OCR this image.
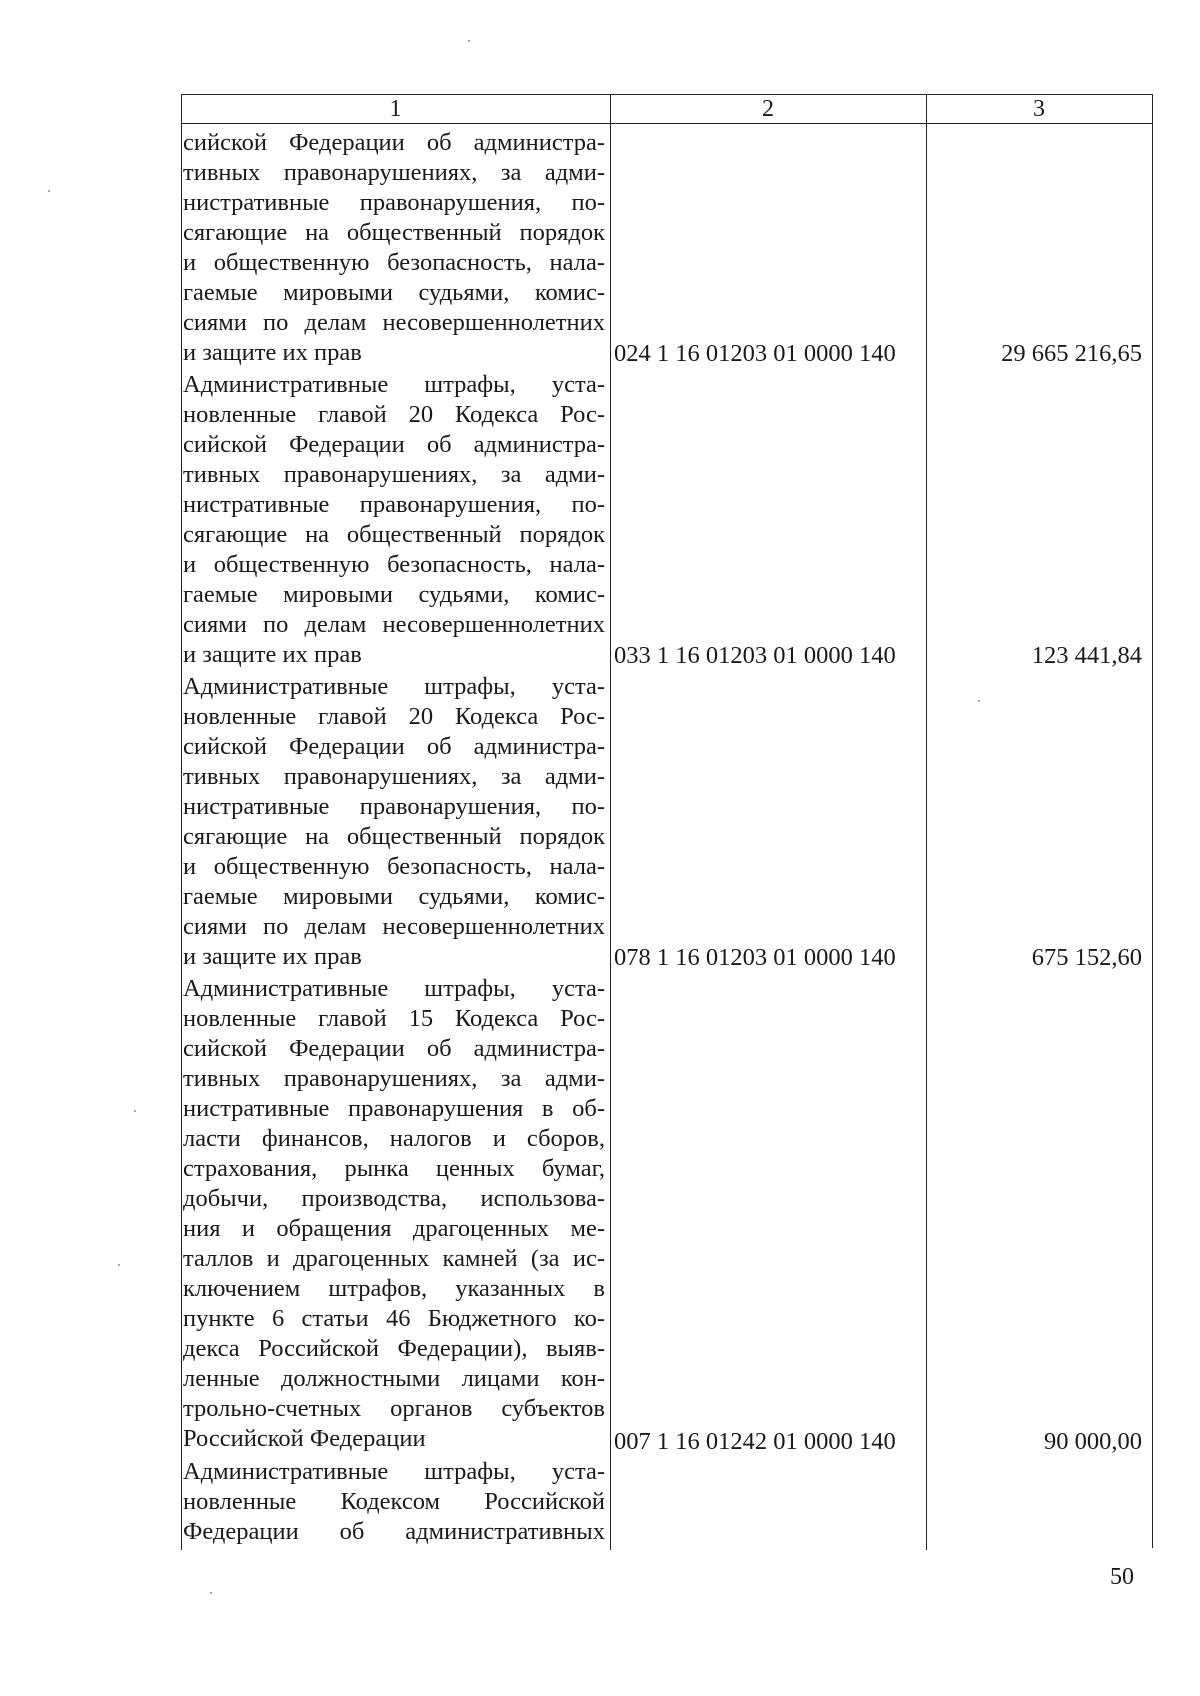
1	2	3
сийской Федерации об администра-
тивных правонарушениях, за адми-
нистративные правонарушения, по-
сягающие на общественный порядок
и общественную безопасность, нала-
гаемые мировыми судьями, комис-
сиями по делам несовершеннолетних
и защите их прав	024 1 16 01203 01 0000 140	29 665 216,65
Административные штрафы, уста-
новленные главой 20 Кодекса Рос-
сийской Федерации об администра-
тивных правонарушениях, за адми-
нистративные правонарушения, по-
сягающие на общественный порядок
и общественную безопасность, нала-
гаемые мировыми судьями, комис-
сиями по делам несовершеннолетних
и защите их прав	033 1 16 01203 01 0000 140	123 441,84
Административные штрафы, уста-
новленные главой 20 Кодекса Рос-
сийской Федерации об администра-
тивных правонарушениях, за адми-
нистративные правонарушения, по-
сягающие на общественный порядок
и общественную безопасность, нала-
гаемые мировыми судьями, комис-
сиями по делам несовершеннолетних
и защите их прав	078 1 16 01203 01 0000 140	675 152,60
Административные штрафы, уста-
новленные главой 15 Кодекса Рос-
сийской Федерации об администра-
тивных правонарушениях, за адми-
нистративные правонарушения в об-
ласти финансов, налогов и сборов,
страхования, рынка ценных бумаг,
добычи, производства, использова-
ния и обращения драгоценных ме-
таллов и драгоценных камней (за ис-
ключением штрафов, указанных в
пункте 6 статьи 46 Бюджетного ко-
декса Российской Федерации), выяв-
ленные должностными лицами кон-
трольно-счетных органов субъектов
Российской Федерации	007 1 16 01242 01 0000 140	90 000,00
Административные штрафы, уста-
новленные Кодексом Российской
Федерации об административных
50
